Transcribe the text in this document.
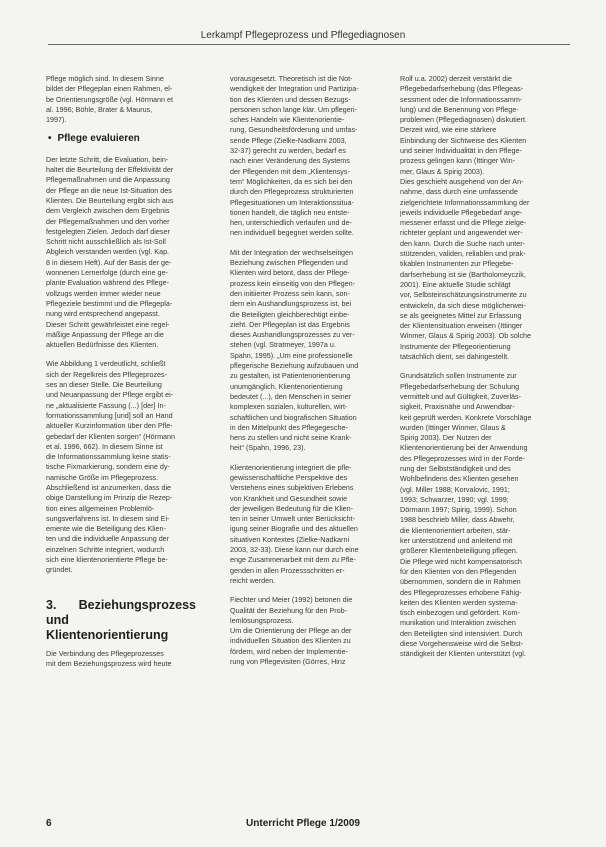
Lerkampf Pflegeprozess und Pflegediagnosen

Pflege möglich sind. In diesem Sinne
bildet der Pflegeplan einen Rahmen, el-
be Orientierungsgröße (vgl. Hörmann et
al. 1996; Böhle, Brater & Maurus,
1997).

• Pflege evaluieren

Der letzte Schritt, die Evaluation, bein-
haltet die Beurteilung der Effektivität der
Pflegemaßnahmen und die Anpassung
der Pflege an die neue Ist-Situation des
Klienten. Die Beurteilung ergibt sich aus
dem Vergleich zwischen dem Ergebnis
der Pflegemaßnahmen und den vorher
festgelegten Zielen. Jedoch darf dieser
Schritt nicht ausschließlich als Ist-Soll
Abgleich verstanden werden (vgl. Kap.
8 in diesem Heft). Auf der Basis der ge-
wonnenen Lernerfolge (durch eine ge-
plante Evaluation während des Pflege-
vollzugs werden immer wieder neue
Pflegeziele bestimmt und die Pflegepla-
nung wird entsprechend angepasst.
Dieser Schritt gewährleistet eine regel-
mäßige Anpassung der Pflege an die
aktuellen Bedürfnisse des Klienten.

Wie Abbildung 1 verdeutlicht, schließt
sich der Regelkreis des Pflegeprozes-
ses an dieser Stelle. Die Beurteilung
und Neuanpassung der Pflege ergibt ei-
ne „aktualisierte Fassung (...) [der] In-
formationssammlung [und] soll an Hand
aktueller Kurzinformation über den Pfle-
gebedarf der Klienten sorgen“ (Hörmann
et al. 1996, 662). In diesem Sinne ist
die Informationssammlung keine statis-
tische Fixmarkierung, sondern eine dy-
namische Größe im Pflegeprozess.
Abschließend ist anzumerken, dass die
obige Darstellung im Prinzip die Rezep-
tion eines allgemeinen Problemlö-
sungsverfahrens ist. In diesem sind Ei-
emente wie die Beteiligung des Klien-
ten und die individuelle Anpassung der
einzelnen Schritte integriert, wodurch
sich eine klientenorientierte Pflege be-
gründet.

3. Beziehungsprozess und
Klientenorientierung

Die Verbindung des Pflegeprozesses
mit dem Beziehungsprozess wird heute

vorausgesetzt. Theoretisch ist die Not-
wendigkeit der Integration und Partizipa-
tion des Klienten und dessen Bezugs-
personen schon lange klar. Um pflegeri-
sches Handeln wie Klientenorientie-
rung, Gesundheitsförderung und umfas-
sende Pflege (Zielke-Nadkarni 2003,
32-37) gerecht zu werden, bedarf es
nach einer Veränderung des Systems
der Pflegenden mit dem „Klientensys-
tem“ Möglichkeiten, da es sich bei den
durch den Pflegeprozess strukturierten
Pflegesituationen um Interaktionssitua-
tionen handelt, die täglich neu entste-
hen, unterschiedlich verlaufen und de-
nen individuell begegnet werden sollte.

Mit der Integration der wechselseitigen
Beziehung zwischen Pflegenden und
Klienten wird betont, dass der Pflege-
prozess kein einseitig von den Pflegen-
den initiierter Prozess sein kann, son-
dern ein Aushandlungsprozess ist, bei
die Beteiligten gleichberechtigt einbe-
zieht. Der Pflegeplan ist das Ergebnis
dieses Aushandlungsprozesses zu ver-
stehen (vgl. Stratmeyer, 1997a u.
Spahn, 1995). „Um eine professionelle
pflegerische Beziehung aufzubauen und
zu gestalten, ist Patientenorientierung
unumgänglich. Klientenorientierung
bedeutet (...), den Menschen in seiner
komplexen sozialen, kulturellen, wirt-
schaftlichen und biografischen Situation
in den Mittelpunkt des Pflegegesche-
hens zu stellen und nicht seine Krank-
heit“ (Spahn, 1996, 23).

Klientenorientierung integriert die pfle-
gewissenschaftliche Perspektive des
Verstehens eines subjektiven Erlebens
von Krankheit und Gesundheit sowie
der jeweiligen Bedeutung für die Klien-
ten in seiner Umwelt unter Berücksicht-
igung seiner Biografie und des aktuellen
situativen Kontextes (Zielke-Nadkarni
2003, 32-33). Diese kann nur durch eine
enge Zusammenarbeit mit dem zu Pfle-
genden in allen Prozessschritten er-
reicht werden.

Fiechter und Meier (1992) betonen die
Qualität der Beziehung für den Prob-
lemlösungsprozess.
Um die Orientierung der Pflege an der
individuellen Situation des Klienten zu
fördern, wird neben der Implementie-
rung von Pflegevisiten (Görres, Hinz

Rolf u.a. 2002) derzeit verstärkt die
Pflegebedarfserhebung (das Pflegeas-
sessment oder die Informationssamm-
lung) und die Benennung von Pflege-
problemen (Pflegediagnosen) diskutiert.
Derzeit wird, wie eine stärkere
Einbindung der Sichtweise des Klienten
und seiner Individualität in den Pflege-
prozess gelingen kann (Ittinger Win-
mer, Glaus & Spirig 2003).
Dies geschieht ausgehend von der An-
nahme, dass durch eine umfassende
zielgerichtete Informationssammlung der
jeweils individuelle Pflegebedarf ange-
messener erfasst und die Pflege zielge-
richteter geplant und angewendet wer-
den kann. Durch die Suche nach unter-
stützenden, validen, reliablen und prak-
tikablen Instrumenten zur Pflegebe-
darfserhebung ist sie (Bartholomeyczik,
2001). Eine aktuelle Studie schlägt
vor, Selbsteinschätzungsinstrumente zu
entwickeln, da sich diese möglicherwei-
se als geeignetes Mittel zur Erfassung
der Klientensituation erweisen (Ittinger
Winmer, Glaus & Spirig 2003). Ob solche
Instrumente der Pflegeorientierung
tatsächlich dient, sei dahingestellt.

Grundsätzlich sollen Instrumente zur
Pflegebedarfserhebung der Schulung
vermittelt und auf Gültigkeit, Zuverläs-
sigkeit, Praxisnähe und Anwendbar-
keit geprüft werden. Konkrete Vorschläge
wurden (Ittinger Winmer, Glaus &
Spirig 2003). Der Nutzen der
Klientenorientierung bei der Anwendung
des Pflegeprozesses wird in der Forde-
rung der Selbstständigkeit und des
Wohlbefindens des Klienten gesehen
(vgl. Miller 1988; Korvalovic, 1991;
1993; Schwarzer, 1990; vgl. 1999;
Dörmann 1997; Spirig, 1999). Schon
1988 beschrieb Miller, dass Abwehr,
die klientenorientiert arbeiten, stär-
ker unterstützend und anleitend mit
größerer Klientenbeteiligung pflegen.
Die Pflege wird nicht kompensatorisch
für den Klienten von den Pflegenden
übernommen, sondern die in Rahmen
des Pflegeprozesses erhobene Fähig-
keiten des Klienten werden systema-
tisch einbezogen und gefördert. Kom-
munikation und Interaktion zwischen
den Beteiligten sind intensiviert. Durch
diese Vorgehensweise wird die Selbst-
ständigkeit der Klienten unterstützt (vgl.

6	Unterricht Pflege 1/2009
